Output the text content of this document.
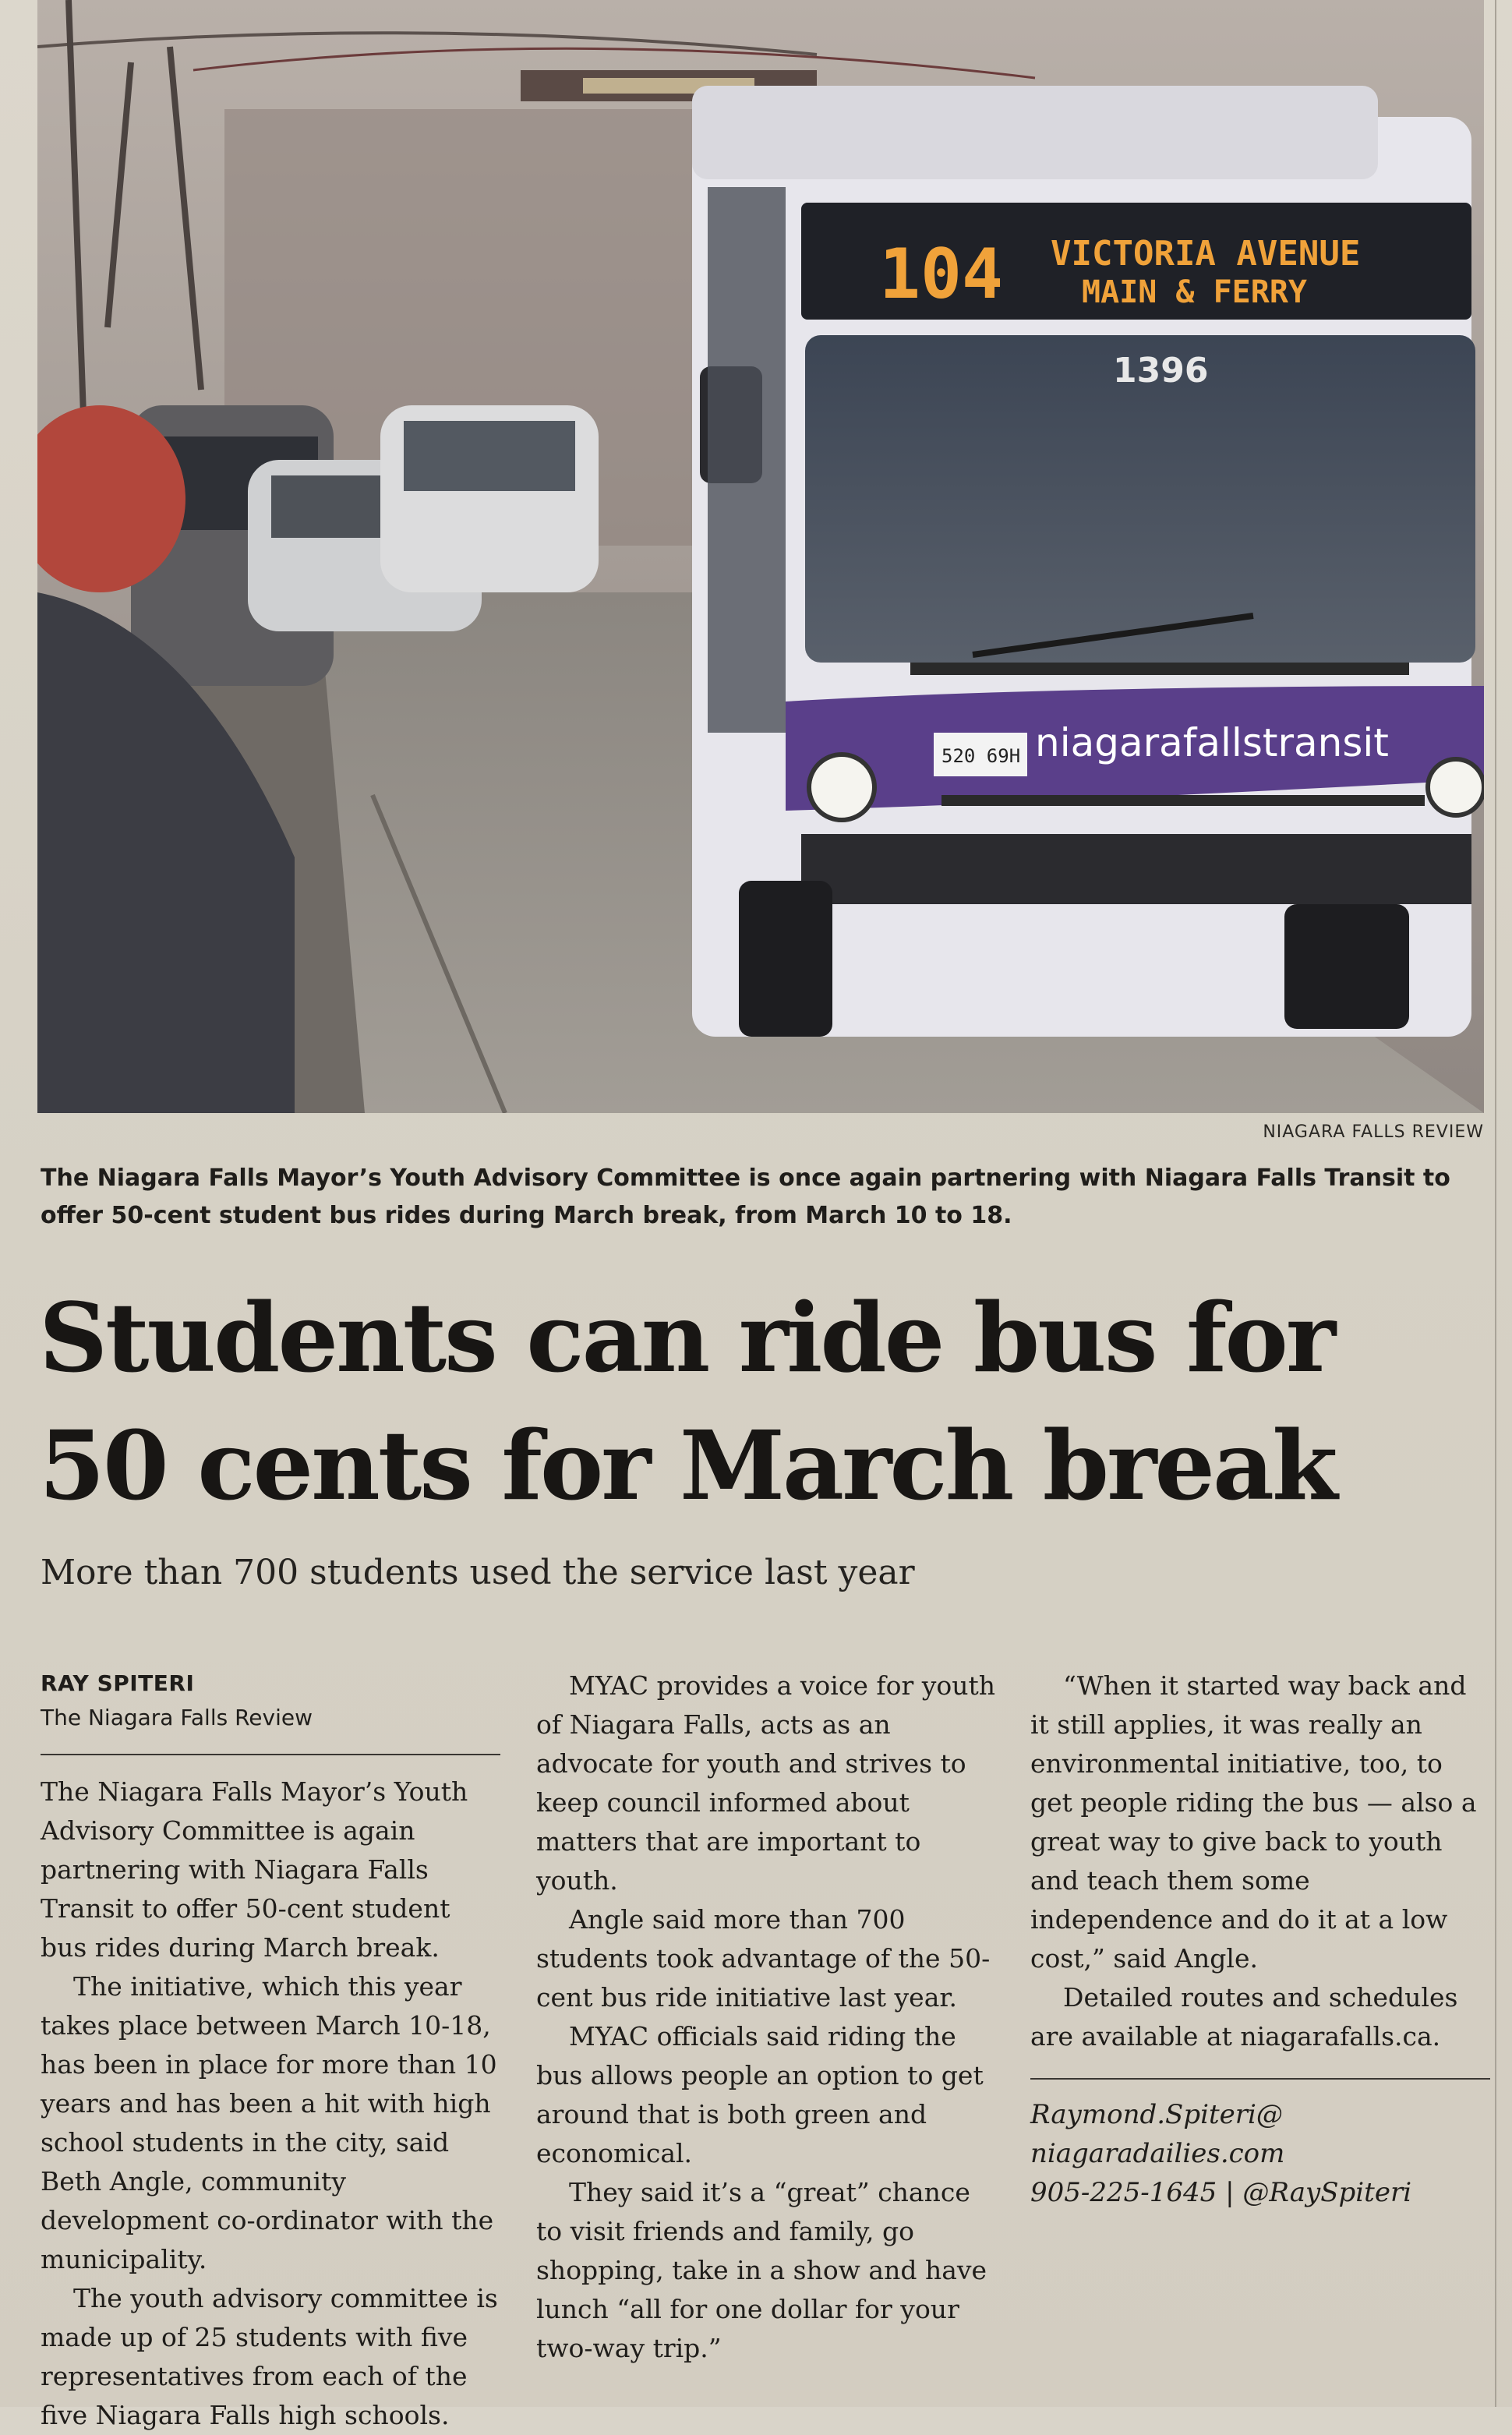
104 VICTORIA AVENUE
MAIN & FERRY
1396
niagarafallstransit
520 69H
NIAGARA FALLS REVIEW
The Niagara Falls Mayor’s Youth Advisory Committee is once again partnering with Niagara Falls Transit to offer 50-cent student bus rides during March break, from March 10 to 18.
Students can ride bus for
50 cents for March break
More than 700 students used the service last year
RAY SPITERI
The Niagara Falls Review

The Niagara Falls Mayor’s Youth Advisory Committee is again partnering with Niagara Falls Transit to offer 50-cent student bus rides during March break.

The initiative, which this year takes place between March 10-18, has been in place for more than 10 years and has been a hit with high school students in the city, said Beth Angle, community development co-ordinator with the municipality.

The youth advisory committee is made up of 25 students with five representatives from each of the five Niagara Falls high schools.

MYAC provides a voice for youth of Niagara Falls, acts as an advocate for youth and strives to keep council informed about matters that are important to youth.

Angle said more than 700 students took advantage of the 50-cent bus ride initiative last year.

MYAC officials said riding the bus allows people an option to get around that is both green and economical.

They said it’s a “great” chance to visit friends and family, go shopping, take in a show and have lunch “all for one dollar for your two-way trip.”

“When it started way back and it still applies, it was really an environmental initiative, too, to get people riding the bus — also a great way to give back to youth and teach them some independence and do it at a low cost,” said Angle.

Detailed routes and schedules are available at niagarafalls.ca.

Raymond.Spiteri@
niagaradailies.com
905-225-1645 | @RaySpiteri
